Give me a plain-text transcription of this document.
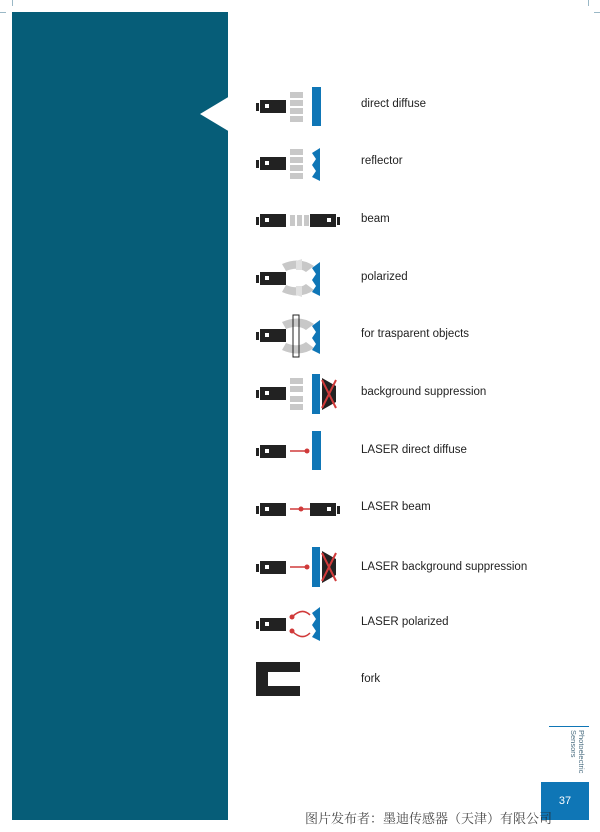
direct diffuse
reflector
beam
polarized
for trasparent objects
background suppression
LASER direct diffuse
LASER beam
LASER background suppression
LASER polarized
fork
Photoelectric
Sensors
37
图片发布者：墨迪传感器（天津）有限公司
